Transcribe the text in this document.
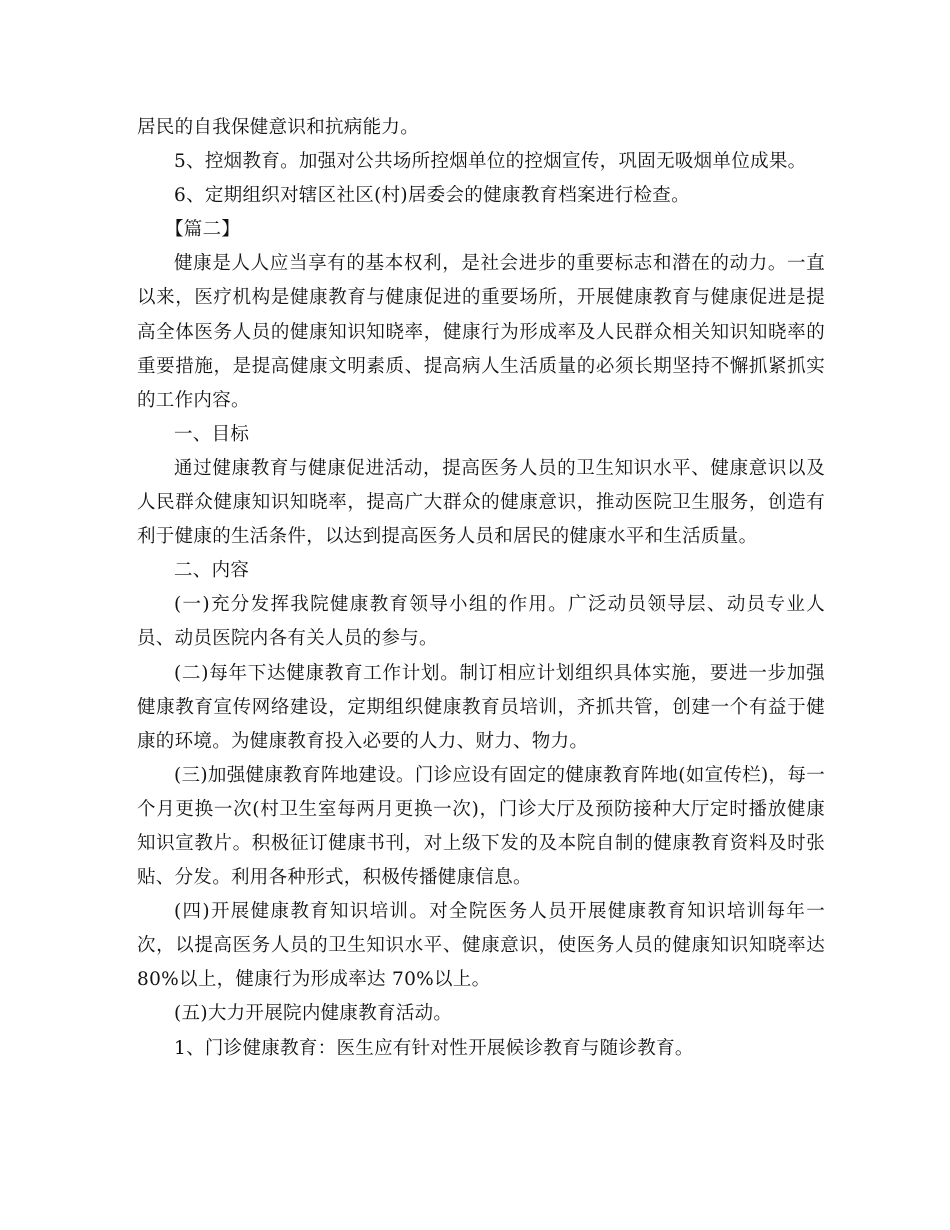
居民的自我保健意识和抗病能力。

5、控烟教育。加强对公共场所控烟单位的控烟宣传，巩固无吸烟单位成果。

6、定期组织对辖区社区(村)居委会的健康教育档案进行检查。

【篇二】

健康是人人应当享有的基本权利，是社会进步的重要标志和潜在的动力。一直以来，医疗机构是健康教育与健康促进的重要场所，开展健康教育与健康促进是提高全体医务人员的健康知识知晓率，健康行为形成率及人民群众相关知识知晓率的重要措施，是提高健康文明素质、提高病人生活质量的必须长期坚持不懈抓紧抓实的工作内容。

一、目标

通过健康教育与健康促进活动，提高医务人员的卫生知识水平、健康意识以及人民群众健康知识知晓率，提高广大群众的健康意识，推动医院卫生服务，创造有利于健康的生活条件，以达到提高医务人员和居民的健康水平和生活质量。

二、内容

(一)充分发挥我院健康教育领导小组的作用。广泛动员领导层、动员专业人员、动员医院内各有关人员的参与。

(二)每年下达健康教育工作计划。制订相应计划组织具体实施，要进一步加强健康教育宣传网络建设，定期组织健康教育员培训，齐抓共管，创建一个有益于健康的环境。为健康教育投入必要的人力、财力、物力。

(三)加强健康教育阵地建设。门诊应设有固定的健康教育阵地(如宣传栏)，每一个月更换一次(村卫生室每两月更换一次)，门诊大厅及预防接种大厅定时播放健康知识宣教片。积极征订健康书刊，对上级下发的及本院自制的健康教育资料及时张贴、分发。利用各种形式，积极传播健康信息。

(四)开展健康教育知识培训。对全院医务人员开展健康教育知识培训每年一次，以提高医务人员的卫生知识水平、健康意识，使医务人员的健康知识知晓率达 80%以上，健康行为形成率达 70%以上。

(五)大力开展院内健康教育活动。

1、门诊健康教育：医生应有针对性开展候诊教育与随诊教育。
